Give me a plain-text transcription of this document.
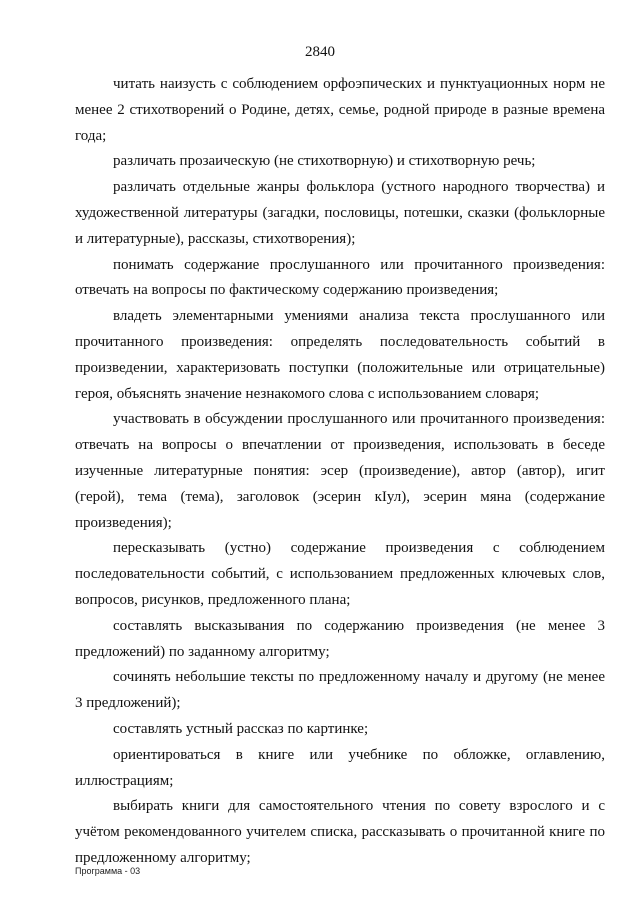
2840

читать наизусть с соблюдением орфоэпических и пунктуационных норм не менее 2 стихотворений о Родине, детях, семье, родной природе в разные времена года;

различать прозаическую (не стихотворную) и стихотворную речь;

различать отдельные жанры фольклора (устного народного творчества) и художественной литературы (загадки, пословицы, потешки, сказки (фольклорные и литературные), рассказы, стихотворения);

понимать содержание прослушанного или прочитанного произведения: отвечать на вопросы по фактическому содержанию произведения;

владеть элементарными умениями анализа текста прослушанного или прочитанного произведения: определять последовательность событий в произведении, характеризовать поступки (положительные или отрицательные) героя, объяснять значение незнакомого слова с использованием словаря;

участвовать в обсуждении прослушанного или прочитанного произведения: отвечать на вопросы о впечатлении от произведения, использовать в беседе изученные литературные понятия: эсер (произведение), автор (автор), игит (герой), тема (тема), заголовок (эсерин кӀул), эсерин мяна (содержание произведения);

пересказывать (устно) содержание произведения с соблюдением последовательности событий, с использованием предложенных ключевых слов, вопросов, рисунков, предложенного плана;

составлять высказывания по содержанию произведения (не менее 3 предложений) по заданному алгоритму;

сочинять небольшие тексты по предложенному началу и другому (не менее 3 предложений);

составлять устный рассказ по картинке;

ориентироваться в книге или учебнике по обложке, оглавлению, иллюстрациям;

выбирать книги для самостоятельного чтения по совету взрослого и с учётом рекомендованного учителем списка, рассказывать о прочитанной книге по предложенному алгоритму;

Программа - 03
